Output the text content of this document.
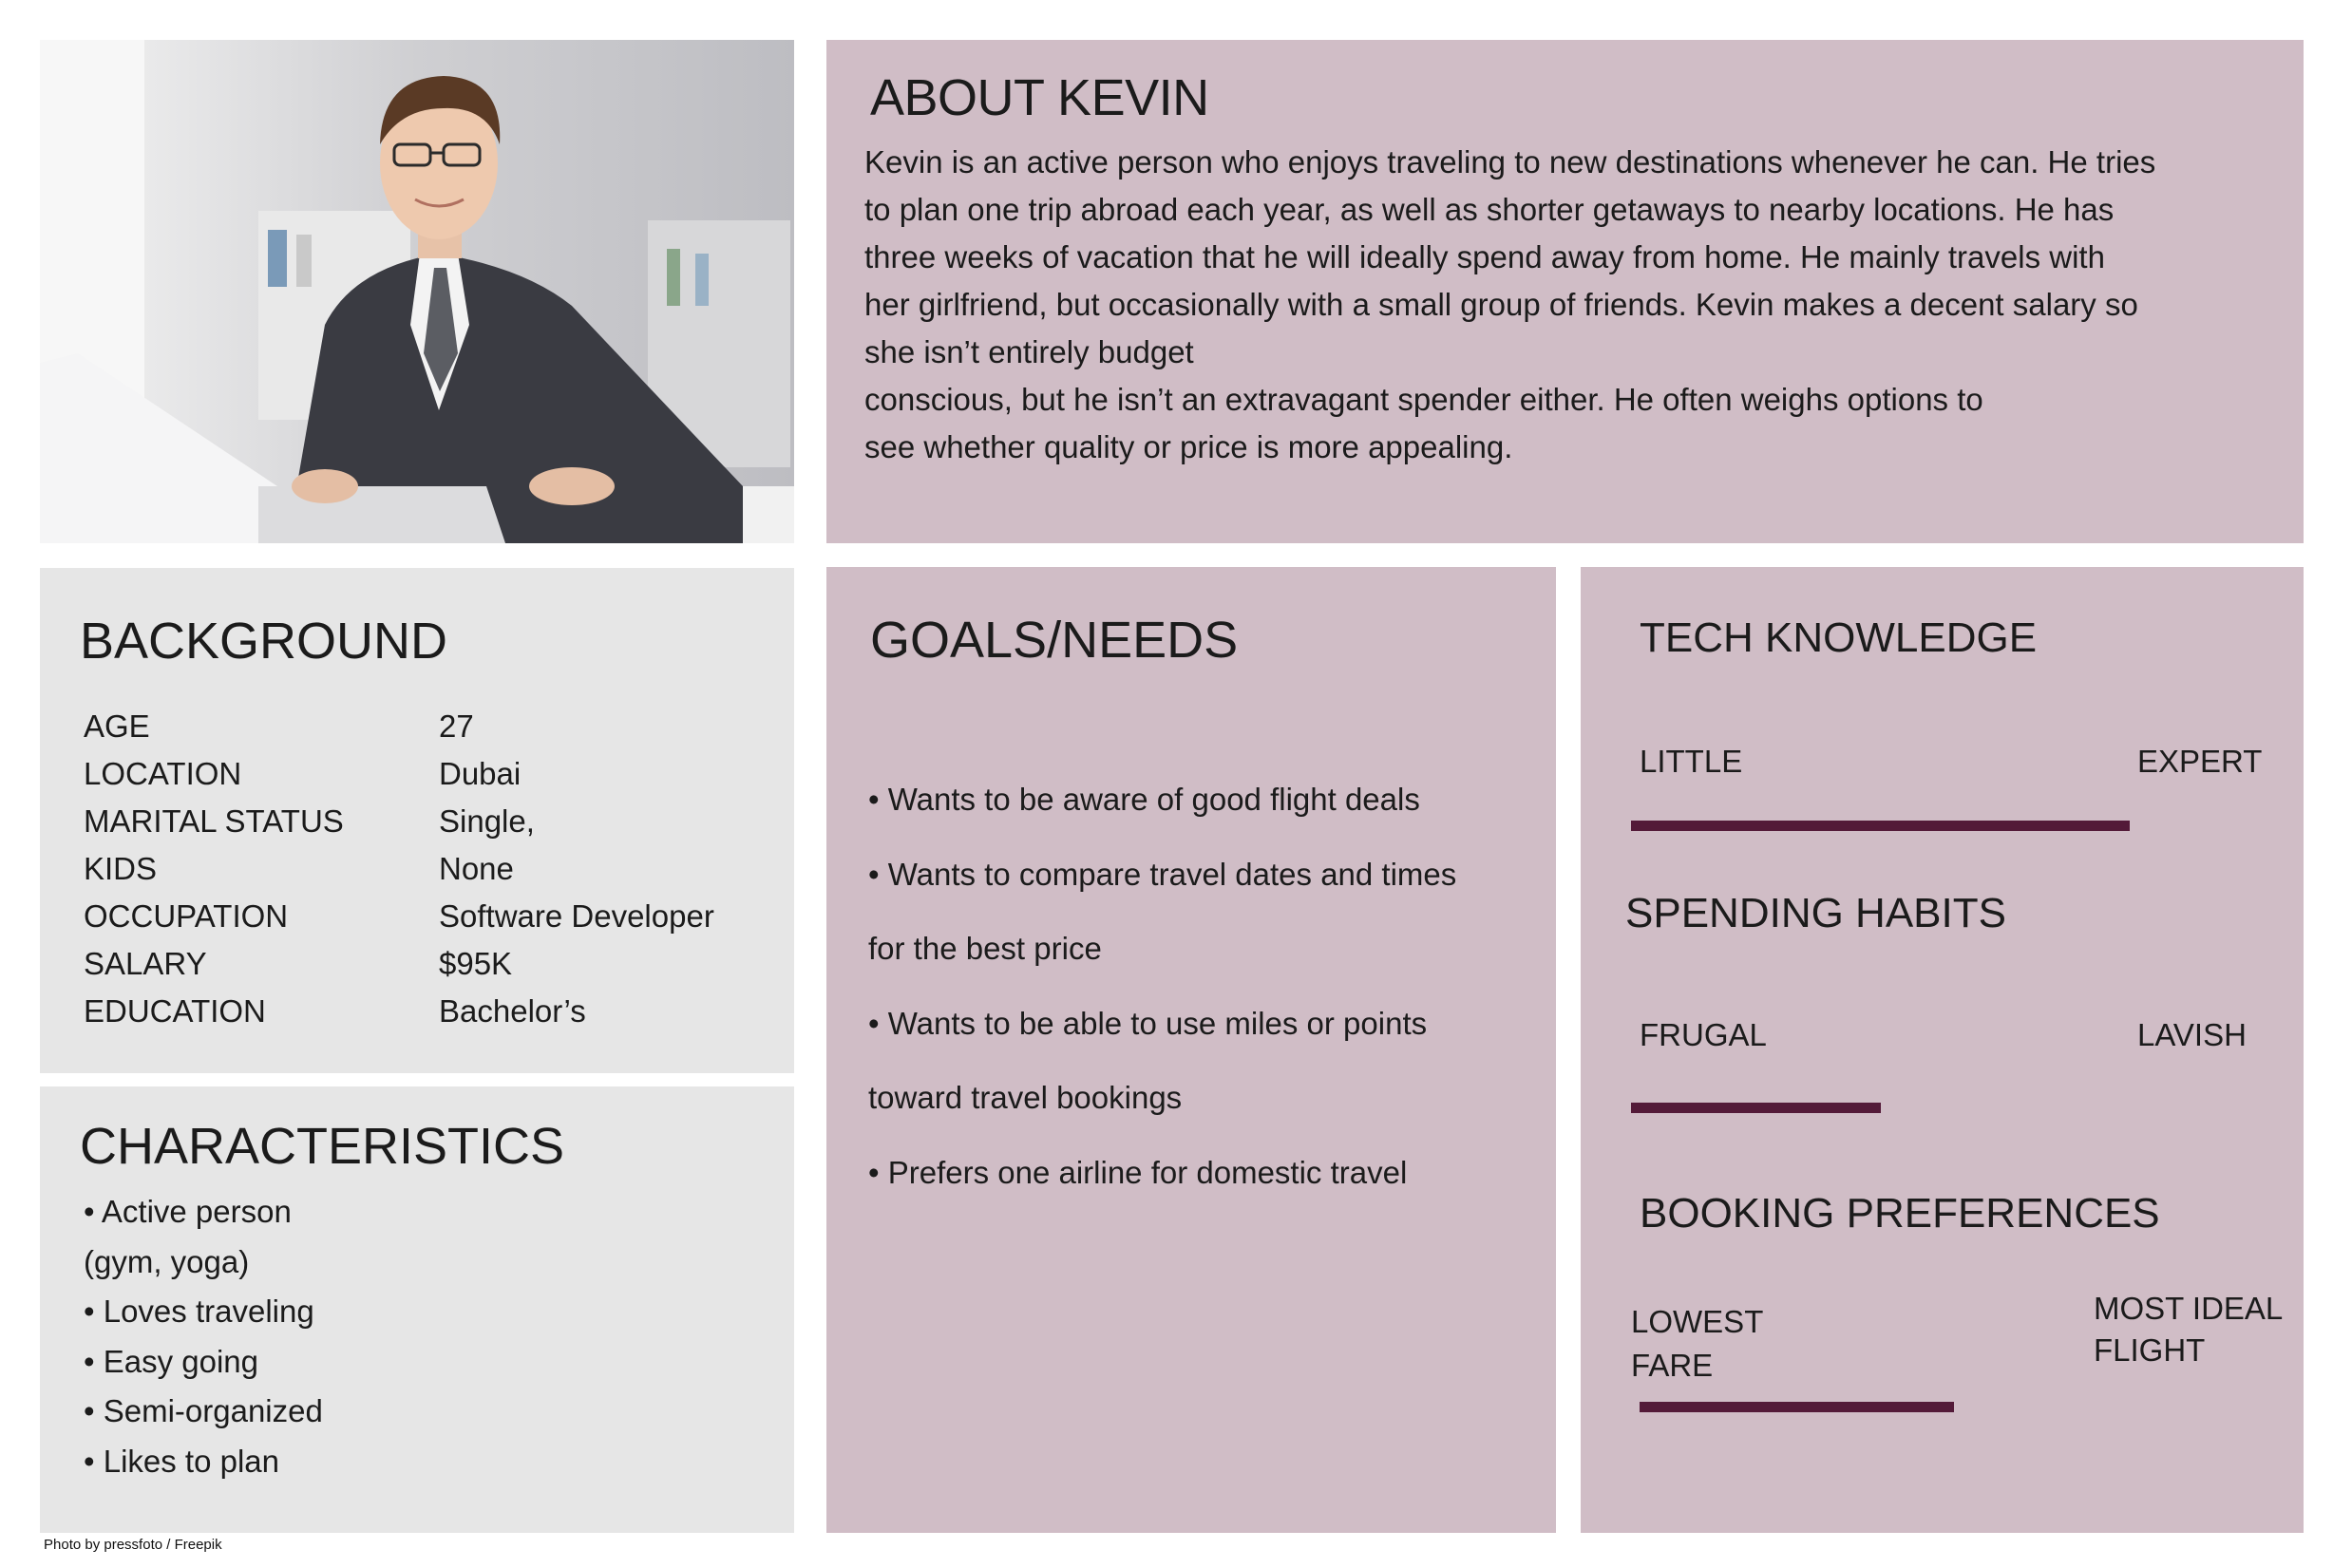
ABOUT KEVIN

Kevin is an active person who enjoys traveling to new destinations whenever he can. He tries
to plan one trip abroad each year, as well as shorter getaways to nearby locations. He has
three weeks of vacation that he will ideally spend away from home. He mainly travels with
her girlfriend, but occasionally with a small group of friends. Kevin makes a decent salary so
she isn’t entirely budget
conscious, but he isn’t an extravagant spender either. He often weighs options to
see whether quality or price is more appealing.

BACKGROUND
AGE	27
LOCATION	Dubai
MARITAL STATUS	Single,
KIDS	None
OCCUPATION	Software Developer
SALARY	$95K
EDUCATION	Bachelor’s
CHARACTERISTICS
• Active person
(gym, yoga)
• Loves traveling
• Easy going
• Semi-organized
• Likes to plan
GOALS/NEEDS
• Wants to be aware of good flight deals
• Wants to compare travel dates and times
for the best price
• Wants to be able to use miles or points
toward travel bookings
• Prefers one airline for domestic travel
TECH KNOWLEDGE
LITTLE	EXPERT
SPENDING HABITS
FRUGAL	LAVISH
BOOKING PREFERENCES
LOWEST
FARE
MOST IDEAL
FLIGHT
Photo by pressfoto / Freepik
